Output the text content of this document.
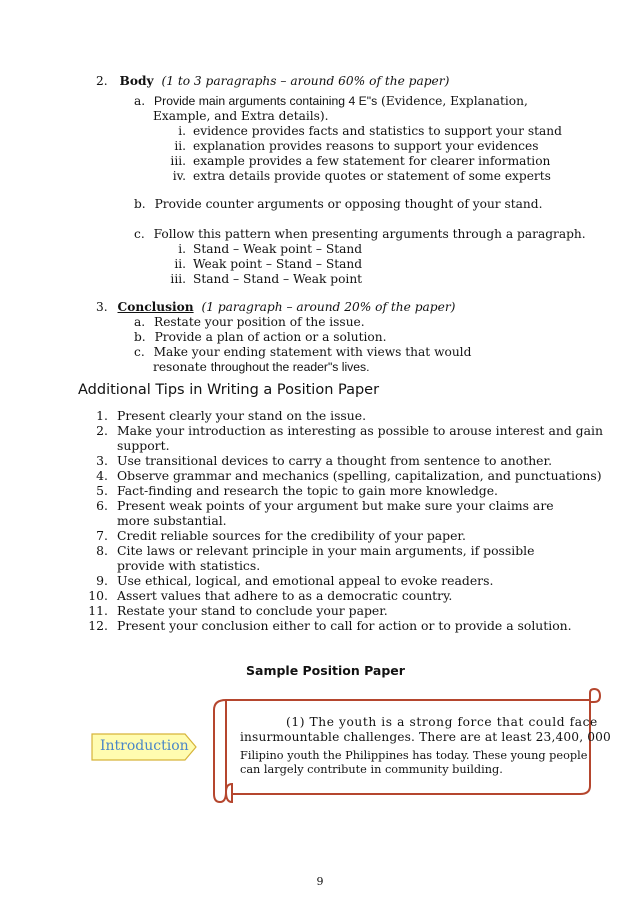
2. Body (1 to 3 paragraphs – around 60% of the paper)
a. Provide main arguments containing 4 E"s (Evidence, Explanation,
Example, and Extra details).
i. evidence provides facts and statistics to support your stand
ii. explanation provides reasons to support your evidences
iii. example provides a few statement for clearer information
iv. extra details provide quotes or statement of some experts
b. Provide counter arguments or opposing thought of your stand.
c. Follow this pattern when presenting arguments through a paragraph.
i. Stand – Weak point – Stand
ii. Weak point – Stand – Stand
iii. Stand – Stand – Weak point
3. Conclusion (1 paragraph – around 20% of the paper)
a. Restate your position of the issue.
b. Provide a plan of action or a solution.
c. Make your ending statement with views that would
resonate throughout the reader"s lives.
Additional Tips in Writing a Position Paper
1. Present clearly your stand on the issue.
2. Make your introduction as interesting as possible to arouse interest and gain
support.
3. Use transitional devices to carry a thought from sentence to another.
4. Observe grammar and mechanics (spelling, capitalization, and punctuations)
5. Fact-finding and research the topic to gain more knowledge.
6. Present weak points of your argument but make sure your claims are
more substantial.
7. Credit reliable sources for the credibility of your paper.
8. Cite laws or relevant principle in your main arguments, if possible
provide with statistics.
9. Use ethical, logical, and emotional appeal to evoke readers.
10. Assert values that adhere to as a democratic country.
11. Restate your stand to conclude your paper.
12. Present your conclusion either to call for action or to provide a solution.
Sample Position Paper
(1) The youth is a strong force that could face
insurmountable challenges. There are at least 23,400, 000
Filipino youth the Philippines has today. These young people
can largely contribute in community building.
Introduction
9
